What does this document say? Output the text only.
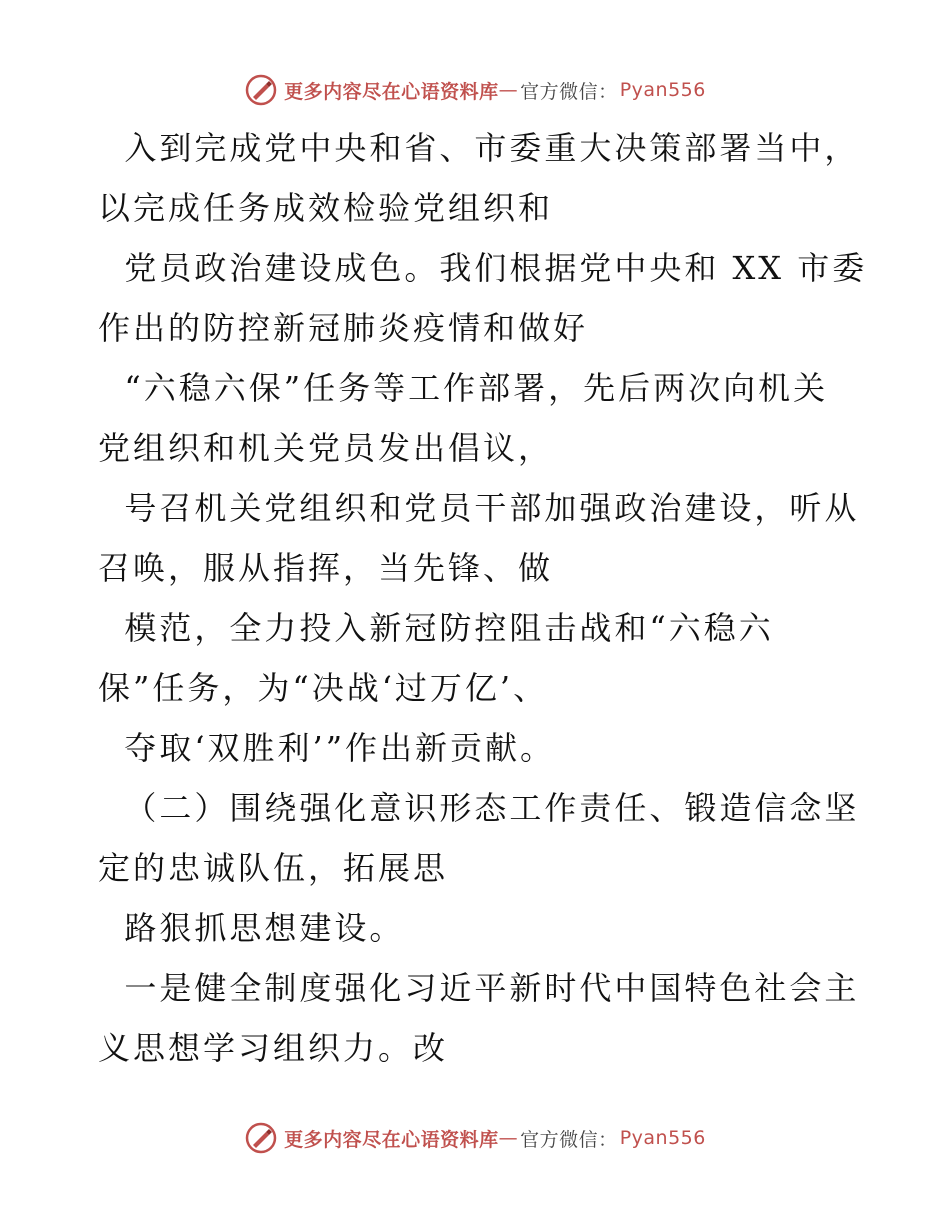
更多内容尽在心语资料库 — 官方微信： Pyan556
入到完成党中央和省、市委重大决策部署当中，
以完成任务成效检验党组织和
党员政治建设成色。我们根据党中央和 XX 市委
作出的防控新冠肺炎疫情和做好
“六稳六保”任务等工作部署，先后两次向机关
党组织和机关党员发出倡议，
号召机关党组织和党员干部加强政治建设，听从
召唤，服从指挥，当先锋、做
模范，全力投入新冠防控阻击战和“六稳六
保”任务，为“决战‘过万亿’、
夺取‘双胜利’”作出新贡献。
（二）围绕强化意识形态工作责任、锻造信念坚
定的忠诚队伍，拓展思
路狠抓思想建设。
一是健全制度强化习近平新时代中国特色社会主
义思想学习组织力。改
更多内容尽在心语资料库 — 官方微信： Pyan556
